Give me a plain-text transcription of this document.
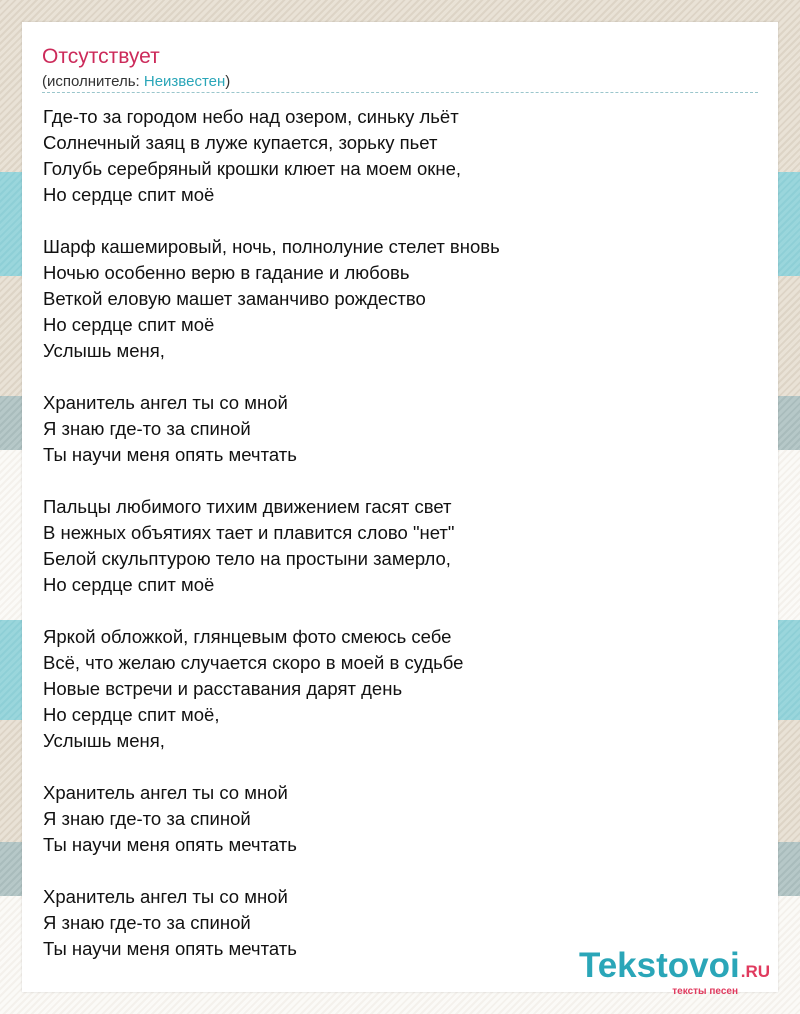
Отсутствует
(исполнитель: Неизвестен)
Где-то за городом небо над озером, синьку льёт
Солнечный заяц в луже купается, зорьку пьет
Голубь серебряный крошки клюет на моем окне,
Но сердце спит моё
Шарф кашемировый, ночь, полнолуние стелет вновь
Ночью особенно верю в гадание и любовь
Веткой еловую машет заманчиво рождество
Но сердце спит моё
Услышь меня,
Хранитель ангел ты со мной
Я знаю где-то за спиной
Ты научи меня опять мечтать
Пальцы любимого тихим движением гасят свет
В нежных объятиях тает и плавится слово "нет"
Белой скульптурою тело на простыни замерло,
Но сердце спит моё
Яркой обложкой, глянцевым фото смеюсь себе
Всё, что желаю случается скоро в моей в судьбе
Новые встречи и расставания дарят день
Но сердце спит моё,
Услышь меня,
Хранитель ангел ты со мной
Я знаю где-то за спиной
Ты научи меня опять мечтать
Хранитель ангел ты со мной
Я знаю где-то за спиной
Ты научи меня опять мечтать	Tekstovoi.RU
тексты песен
